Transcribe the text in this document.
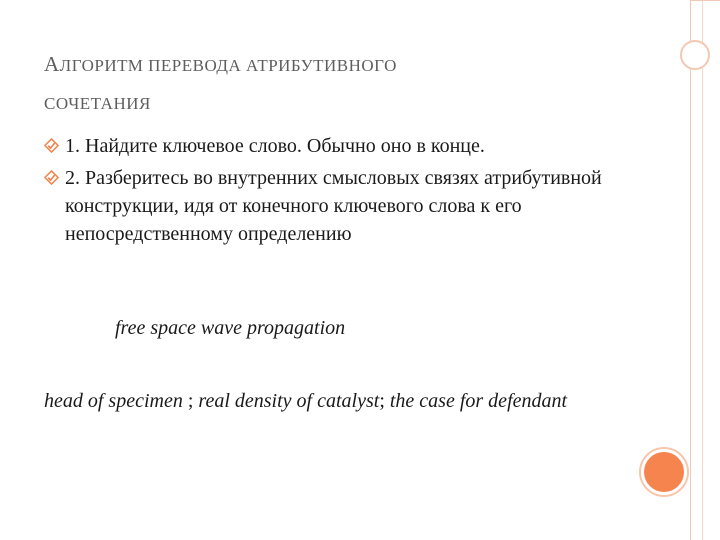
АЛГОРИТМ ПЕРЕВОДА АТРИБУТИВНОГО
СОЧЕТАНИЯ
1. Найдите ключевое слово. Обычно оно в конце.
2. Разберитесь во внутренних смысловых связях атрибутивной конструкции, идя от конечного ключевого слова к его непосредственному определению
free space wave propagation
head of specimen ; real density of catalyst; the case for defendant
